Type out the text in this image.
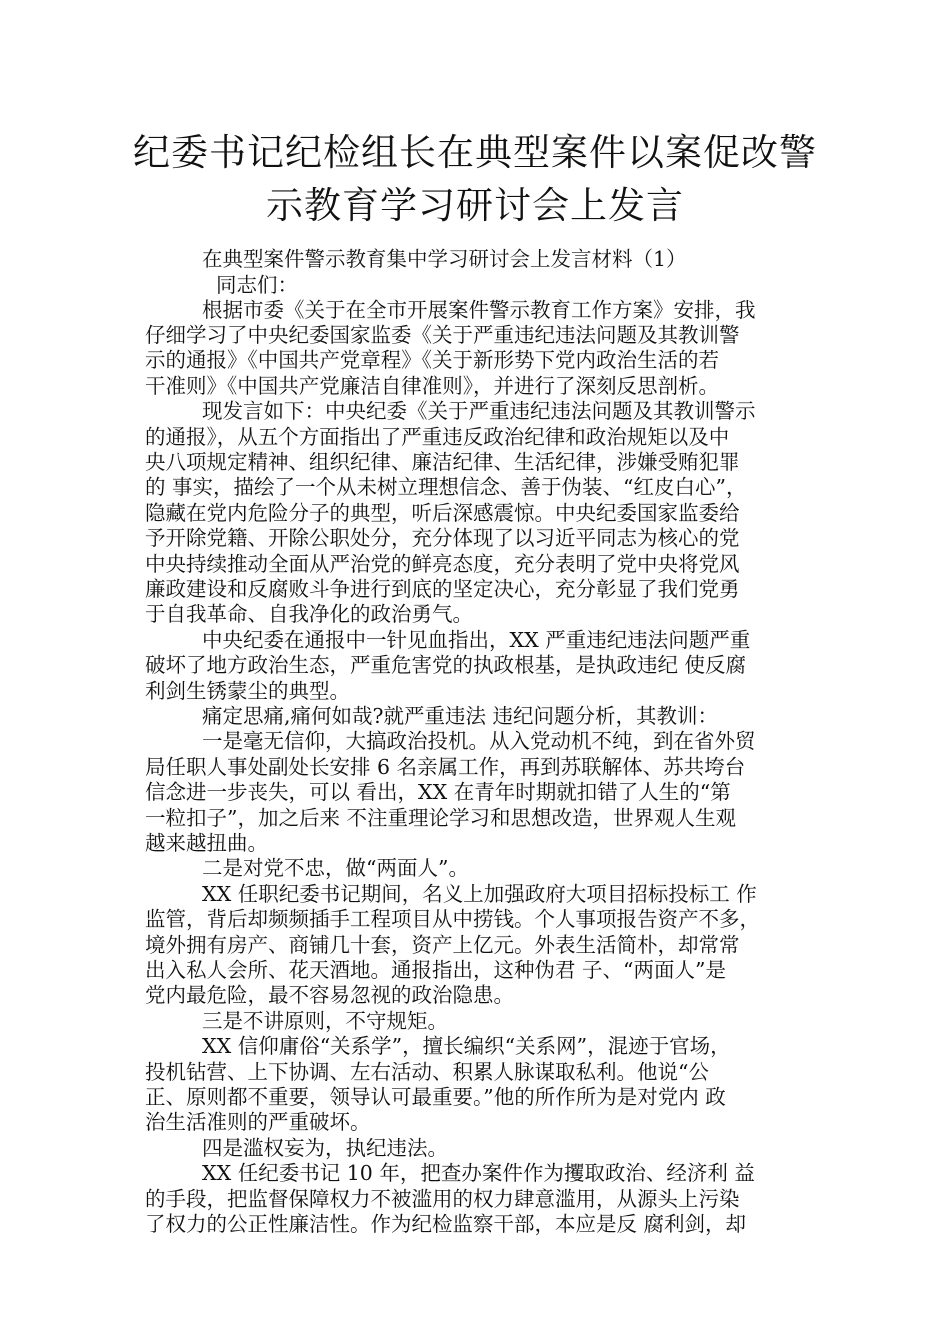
纪委书记纪检组长在典型案件以案促改警
示教育学习研讨会上发言
在典型案件警示教育集中学习研讨会上发言材料（1）
同志们：
根据市委《关于在全市开展案件警示教育工作方案》安排，我
仔细学习了中央纪委国家监委《关于严重违纪违法问题及其教训警
示的通报》《中国共产党章程》《关于新形势下党内政治生活的若
干准则》《中国共产党廉洁自律准则》，并进行了深刻反思剖析。
现发言如下：中央纪委《关于严重违纪违法问题及其教训警示
的通报》，从五个方面指出了严重违反政治纪律和政治规矩以及中
央八项规定精神、组织纪律、廉洁纪律、生活纪律，涉嫌受贿犯罪
的 事实，描绘了一个从未树立理想信念、善于伪装、“红皮白心”，
隐藏在党内危险分子的典型，听后深感震惊。中央纪委国家监委给
予开除党籍、开除公职处分，充分体现了以习近平同志为核心的党
中央持续推动全面从严治党的鲜亮态度，充分表明了党中央将党风
廉政建设和反腐败斗争进行到底的坚定决心，充分彰显了我们党勇
于自我革命、自我净化的政治勇气。
中央纪委在通报中一针见血指出，XX 严重违纪违法问题严重
破坏了地方政治生态，严重危害党的执政根基，是执政违纪 使反腐
利剑生锈蒙尘的典型。
痛定思痛,痛何如哉?就严重违法 违纪问题分析，其教训：
一是毫无信仰，大搞政治投机。从入党动机不纯，到在省外贸
局任职人事处副处长安排 6 名亲属工作，再到苏联解体、苏共垮台
信念进一步丧失，可以 看出，XX 在青年时期就扣错了人生的“第
一粒扣子”，加之后来 不注重理论学习和思想改造，世界观人生观
越来越扭曲。
二是对党不忠，做“两面人”。
XX 任职纪委书记期间，名义上加强政府大项目招标投标工 作
监管，背后却频频插手工程项目从中捞钱。个人事项报告资产不多，
境外拥有房产、商铺几十套，资产上亿元。外表生活简朴，却常常
出入私人会所、花天酒地。通报指出，这种伪君 子、“两面人”是
党内最危险，最不容易忽视的政治隐患。
三是不讲原则，不守规矩。
XX 信仰庸俗“关系学”，擅长编织“关系网”，混迹于官场，
投机钻营、上下协调、左右活动、积累人脉谋取私利。他说“公
正、原则都不重要，领导认可最重要。”他的所作所为是对党内 政
治生活准则的严重破坏。
四是滥权妄为，执纪违法。
XX 任纪委书记 10 年，把查办案件作为攫取政治、经济利 益
的手段，把监督保障权力不被滥用的权力肆意滥用，从源头上污染
了权力的公正性廉洁性。作为纪检监察干部，本应是反 腐利剑，却
